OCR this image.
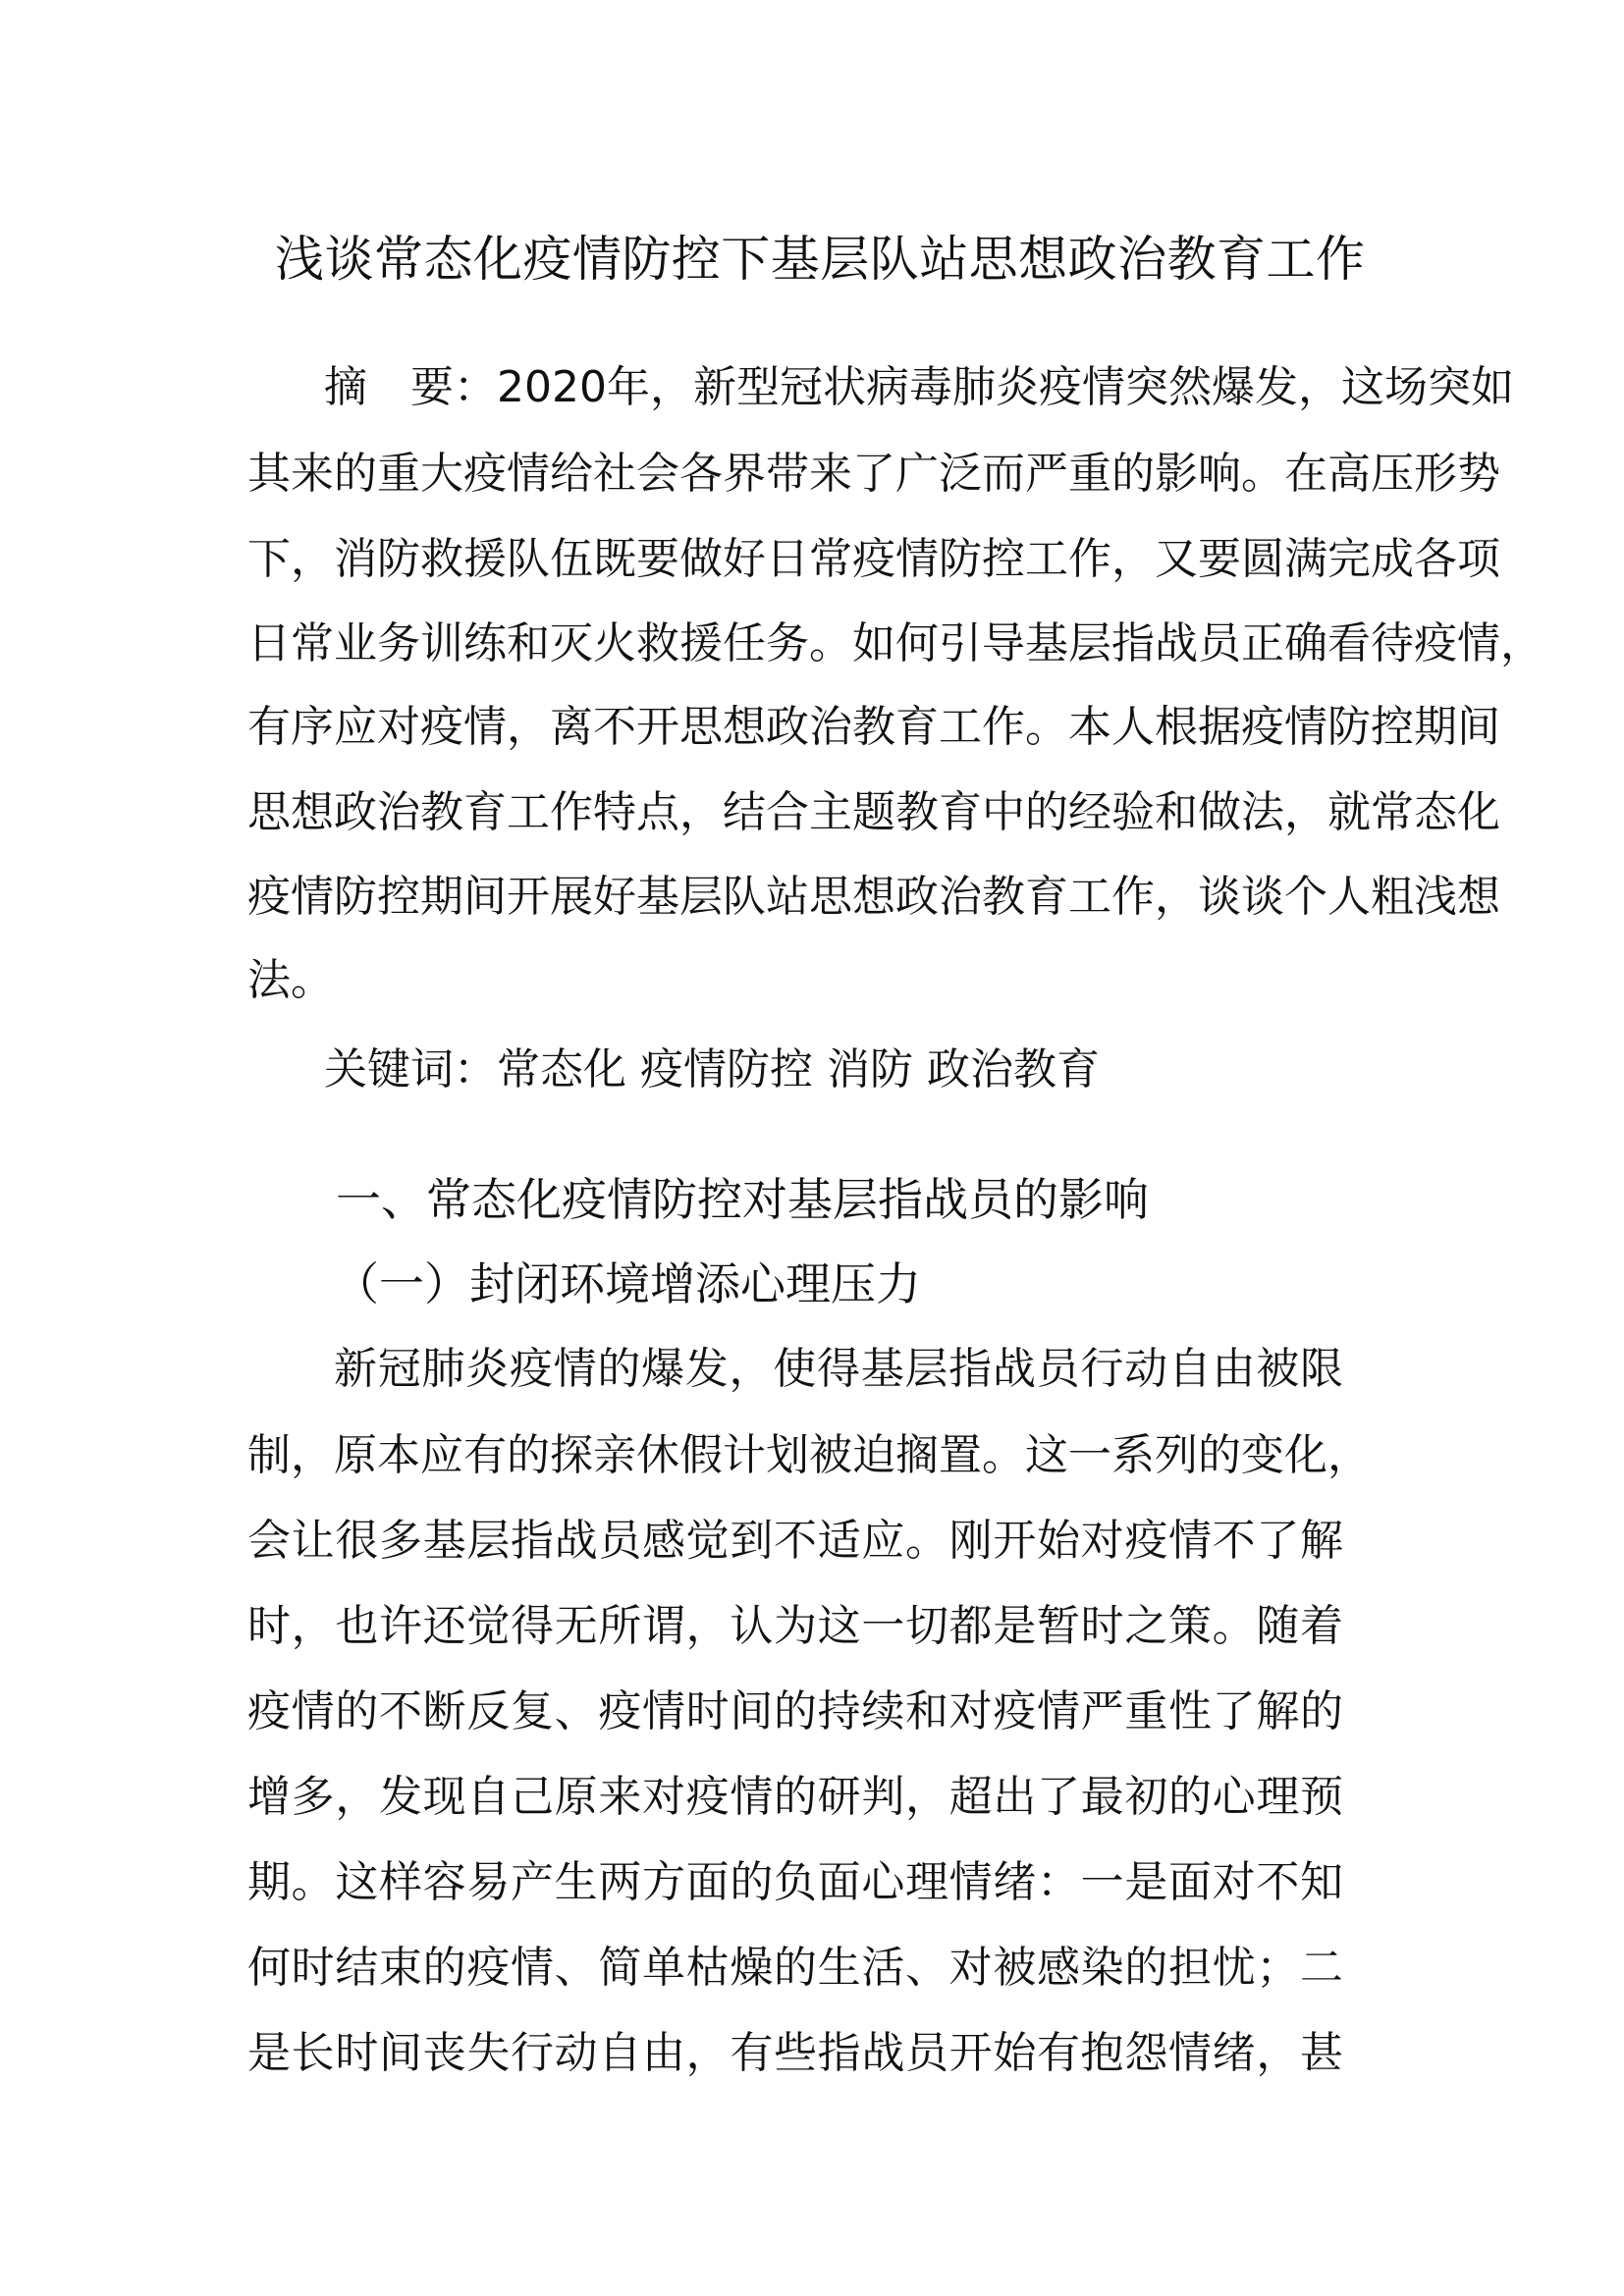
浅谈常态化疫情防控下基层队站思想政治教育工作
摘　要：2020年，新型冠状病毒肺炎疫情突然爆发，这场突如
其来的重大疫情给社会各界带来了广泛而严重的影响。在高压形势
下，消防救援队伍既要做好日常疫情防控工作，又要圆满完成各项
日常业务训练和灭火救援任务。如何引导基层指战员正确看待疫情，
有序应对疫情，离不开思想政治教育工作。本人根据疫情防控期间
思想政治教育工作特点，结合主题教育中的经验和做法，就常态化
疫情防控期间开展好基层队站思想政治教育工作，谈谈个人粗浅想
法。
关键词：常态化 疫情防控 消防 政治教育
一、常态化疫情防控对基层指战员的影响
（一）封闭环境增添心理压力
新冠肺炎疫情的爆发，使得基层指战员行动自由被限
制，原本应有的探亲休假计划被迫搁置。这一系列的变化，
会让很多基层指战员感觉到不适应。刚开始对疫情不了解
时，也许还觉得无所谓，认为这一切都是暂时之策。随着
疫情的不断反复、疫情时间的持续和对疫情严重性了解的
增多，发现自己原来对疫情的研判，超出了最初的心理预
期。这样容易产生两方面的负面心理情绪：一是面对不知
何时结束的疫情、简单枯燥的生活、对被感染的担忧；二
是长时间丧失行动自由，有些指战员开始有抱怨情绪，甚
